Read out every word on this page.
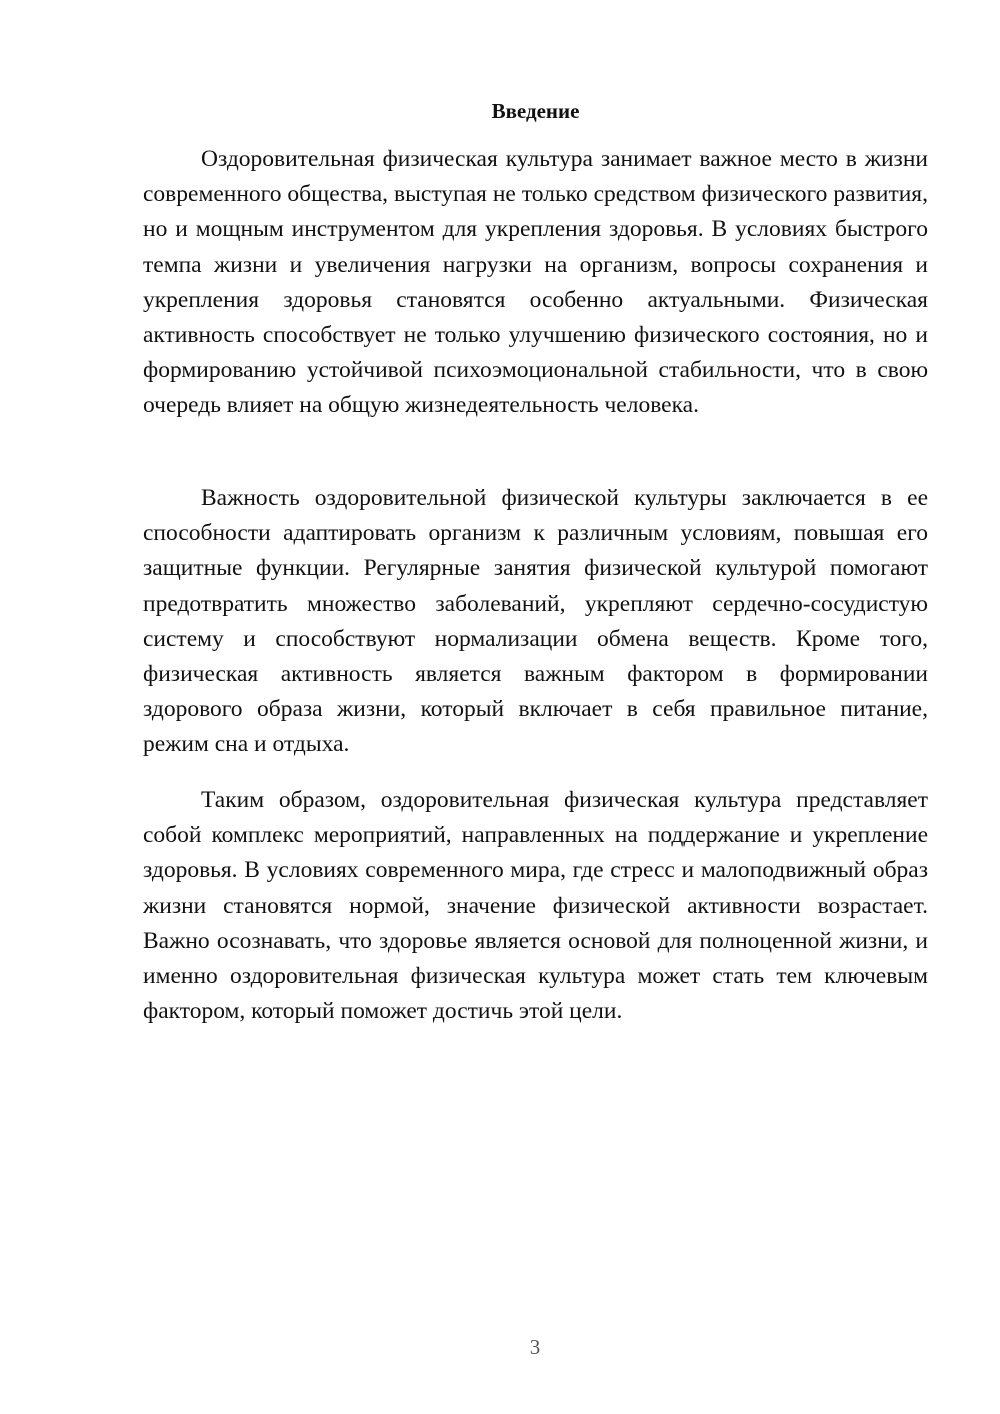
Введение

Оздоровительная физическая культура занимает важное место в жизни современного общества, выступая не только средством физического развития, но и мощным инструментом для укрепления здоровья. В условиях быстрого темпа жизни и увеличения нагрузки на организм, вопросы сохранения и укрепления здоровья становятся особенно актуальными. Физическая активность способствует не только улучшению физического состояния, но и формированию устойчивой психоэмоциональной стабильности, что в свою очередь влияет на общую жизнедеятельность человека.

Важность оздоровительной физической культуры заключается в ее способности адаптировать организм к различным условиям, повышая его защитные функции. Регулярные занятия физической культурой помогают предотвратить множество заболеваний, укрепляют сердечно-сосудистую систему и способствуют нормализации обмена веществ. Кроме того, физическая активность является важным фактором в формировании здорового образа жизни, который включает в себя правильное питание, режим сна и отдыха.

Таким образом, оздоровительная физическая культура представляет собой комплекс мероприятий, направленных на поддержание и укрепление здоровья. В условиях современного мира, где стресс и малоподвижный образ жизни становятся нормой, значение физической активности возрастает. Важно осознавать, что здоровье является основой для полноценной жизни, и именно оздоровительная физическая культура может стать тем ключевым фактором, который поможет достичь этой цели.

3
